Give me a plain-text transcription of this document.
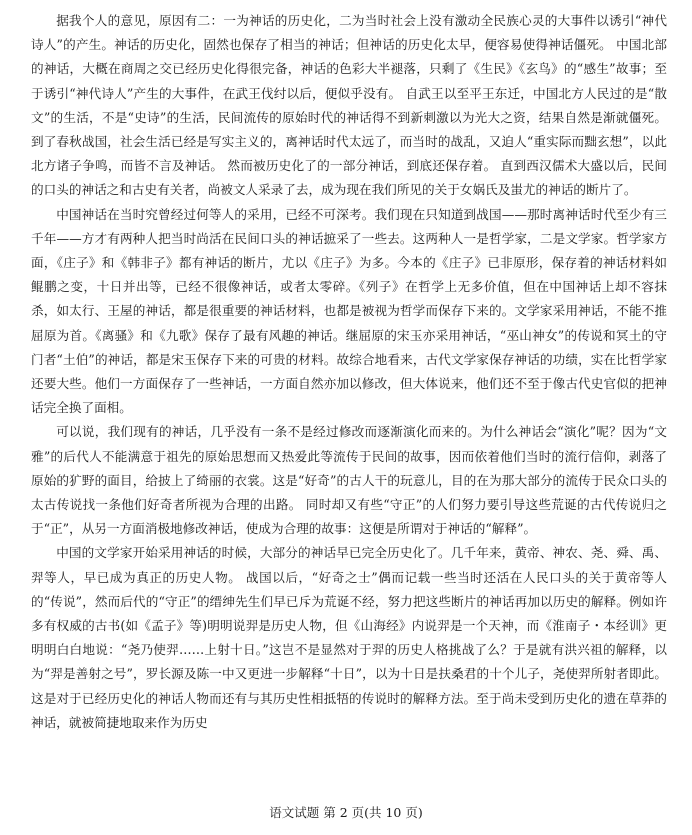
据我个人的意见，原因有二：一为神话的历史化，二为当时社会上没有激动全民族心灵的大事件以诱引“神代诗人”的产生。神话的历史化，固然也保存了相当的神话；但神话的历史化太早，便容易使得神话僵死。 中国北部的神话，大概在商周之交已经历史化得很完备，神话的色彩大半褪落，只剩了《生民》《玄鸟》的“感生”故事；至于诱引“神代诗人”产生的大事件，在武王伐纣以后，便似乎没有。 自武王以至平王东迁，中国北方人民过的是“散文”的生活，不是“史诗”的生活，民间流传的原始时代的神话得不到新刺激以为光大之资，结果自然是渐就僵死。到了春秋战国，社会生活已经是写实主义的，离神话时代太远了，而当时的战乱，又迫人“重实际而黜玄想”，以此北方诸子争鸣，而皆不言及神话。 然而被历史化了的一部分神话，到底还保存着。 直到西汉儒术大盛以后，民间的口头的神话之和古史有关者，尚被文人采录了去，成为现在我们所见的关于女娲氏及蚩尤的神话的断片了。

中国神话在当时究曾经过何等人的采用，已经不可深考。我们现在只知道到战国——那时离神话时代至少有三千年——方才有两种人把当时尚活在民间口头的神话摭采了一些去。这两种人一是哲学家，二是文学家。哲学家方面，《庄子》和《韩非子》都有神话的断片，尤以《庄子》为多。今本的《庄子》已非原形，保存着的神话材料如鲲鹏之变，十日并出等，已经不很像神话，或者太零碎。《列子》在哲学上无多价值，但在中国神话上却不容抹杀，如太行、王屋的神话，都是很重要的神话材料，也都是被视为哲学而保存下来的。文学家采用神话，不能不推屈原为首。《离骚》和《九歌》保存了最有风趣的神话。继屈原的宋玉亦采用神话，“巫山神女”的传说和冥土的守门者“土伯”的神话，都是宋玉保存下来的可贵的材料。故综合地看来，古代文学家保存神话的功绩，实在比哲学家还要大些。他们一方面保存了一些神话，一方面自然亦加以修改，但大体说来，他们还不至于像古代史官似的把神话完全换了面相。

可以说，我们现有的神话，几乎没有一条不是经过修改而逐渐演化而来的。为什么神话会“演化”呢？因为“文雅”的后代人不能满意于祖先的原始思想而又热爱此等流传于民间的故事，因而依着他们当时的流行信仰，剥落了原始的犷野的面目，给披上了绮丽的衣裳。这是“好奇”的古人干的玩意儿，目的在为那大部分的流传于民众口头的太古传说找一条他们好奇者所视为合理的出路。 同时却又有些“守正”的人们努力要引导这些荒诞的古代传说归之于“正”，从另一方面消极地修改神话，使成为合理的故事：这便是所谓对于神话的“解释”。

中国的文学家开始采用神话的时候，大部分的神话早已完全历史化了。几千年来，黄帝、神农、尧、舜、禹、羿等人，早已成为真正的历史人物。 战国以后，“好奇之士”偶而记载一些当时还活在人民口头的关于黄帝等人的“传说”，然而后代的“守正”的缙绅先生们早已斥为荒诞不经，努力把这些断片的神话再加以历史的解释。例如许多有权威的古书(如《孟子》等)明明说羿是历史人物，但《山海经》内说羿是一个天神，而《淮南子・本经训》更明明白白地说：“尧乃使羿……上射十日。”这岂不是显然对于羿的历史人格挑战了么？于是就有洪兴祖的解释，以为“羿是善射之号”，罗长源及陈一中又更进一步解释“十日”，以为十日是扶桑君的十个儿子，尧使羿所射者即此。这是对于已经历史化的神话人物而还有与其历史性相抵牾的传说时的解释方法。至于尚未受到历史化的遗在草莽的神话，就被简捷地取来作为历史

语文试题 第 2 页(共 10 页)
